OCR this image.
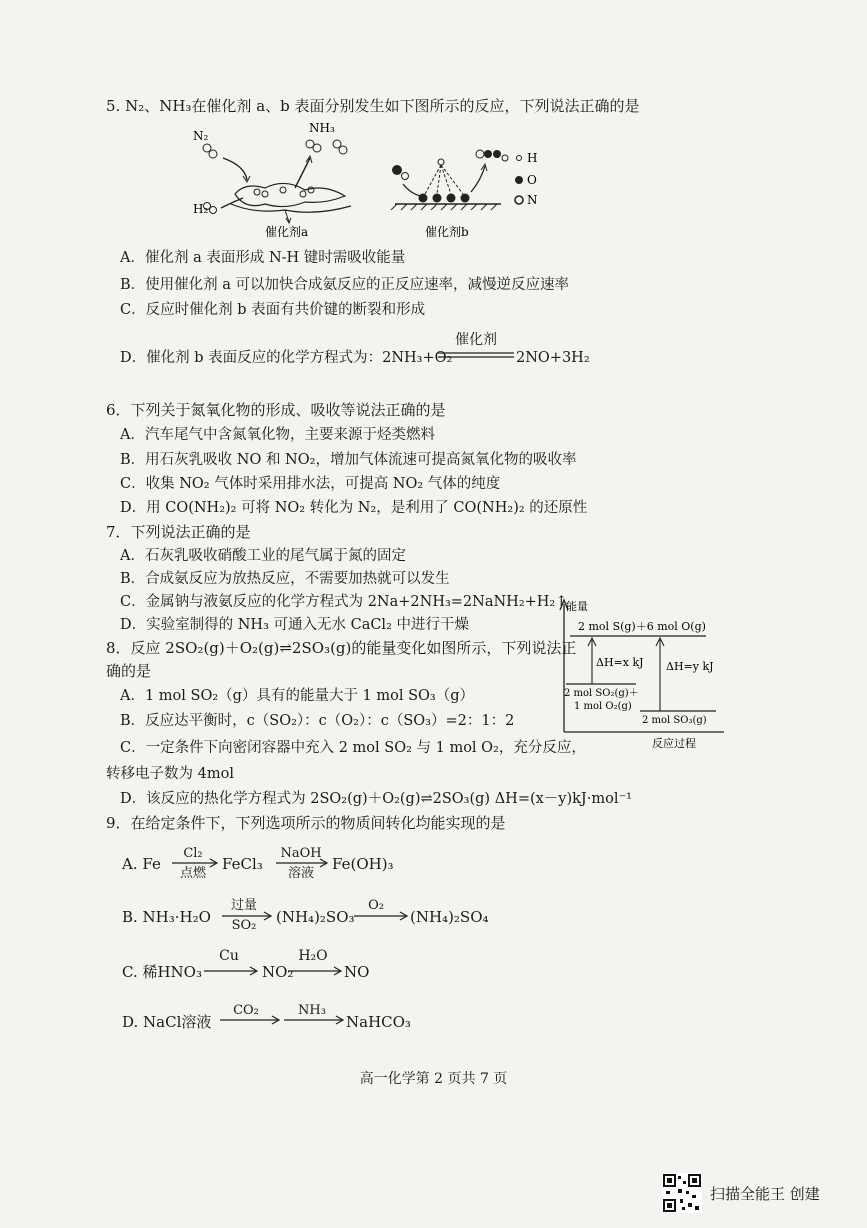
5. N₂、NH₃在催化剂 a、b 表面分别发生如下图所示的反应，下列说法正确的是
N₂
NH₃
H₂
催化剂a
H
O
N
催化剂b
A．催化剂 a 表面形成 N-H 键时需吸收能量
B．使用催化剂 a 可以加快合成氨反应的正反应速率，减慢逆反应速率
C．反应时催化剂 b 表面有共价键的断裂和形成
D．催化剂 b 表面反应的化学方程式为：2NH₃+O₂
催化剂
2NO+3H₂
6．下列关于氮氧化物的形成、吸收等说法正确的是
A．汽车尾气中含氮氧化物，主要来源于烃类燃料
B．用石灰乳吸收 NO 和 NO₂，增加气体流速可提高氮氧化物的吸收率
C．收集 NO₂ 气体时采用排水法，可提高 NO₂ 气体的纯度
D．用 CO(NH₂)₂ 可将 NO₂ 转化为 N₂，是利用了 CO(NH₂)₂ 的还原性
7．下列说法正确的是
A．石灰乳吸收硝酸工业的尾气属于氮的固定
B．合成氨反应为放热反应，不需要加热就可以发生
C．金属钠与液氨反应的化学方程式为 2Na+2NH₃=2NaNH₂+H₂↑
D．实验室制得的 NH₃ 可通入无水 CaCl₂ 中进行干燥
8．反应 2SO₂(g)＋O₂(g)⇌2SO₃(g)的能量变化如图所示，下列说法正
确的是
A．1 mol SO₂（g）具有的能量大于 1 mol SO₃（g）
B．反应达平衡时，c（SO₂）：c（O₂）：c（SO₃）=2：1：2
C．一定条件下向密闭容器中充入 2 mol SO₂ 与 1 mol O₂，充分反应，
转移电子数为 4mol
D．该反应的热化学方程式为 2SO₂(g)＋O₂(g)⇌2SO₃(g) ΔH=(x－y)kJ·mol⁻¹
能量
反应过程
2 mol S(g)＋6 mol O(g)
2 mol SO₂(g)＋
1 mol O₂(g)
2 mol SO₃(g)
ΔH=x kJ ΔH=y kJ
9．在给定条件下，下列选项所示的物质间转化均能实现的是
A. Fe
Cl₂
点燃
FeCl₃
NaOH
溶液
Fe(OH)₃
B. NH₃·H₂O
过量
SO₂	(NH₄)₂SO₃
O₂
(NH₄)₂SO₄
C. 稀HNO₃
Cu
NO₂
H₂O
NO
D. NaCl溶液
CO₂	NH₃
NaHCO₃
高一化学第 2 页共 7 页
扫描全能王 创建
